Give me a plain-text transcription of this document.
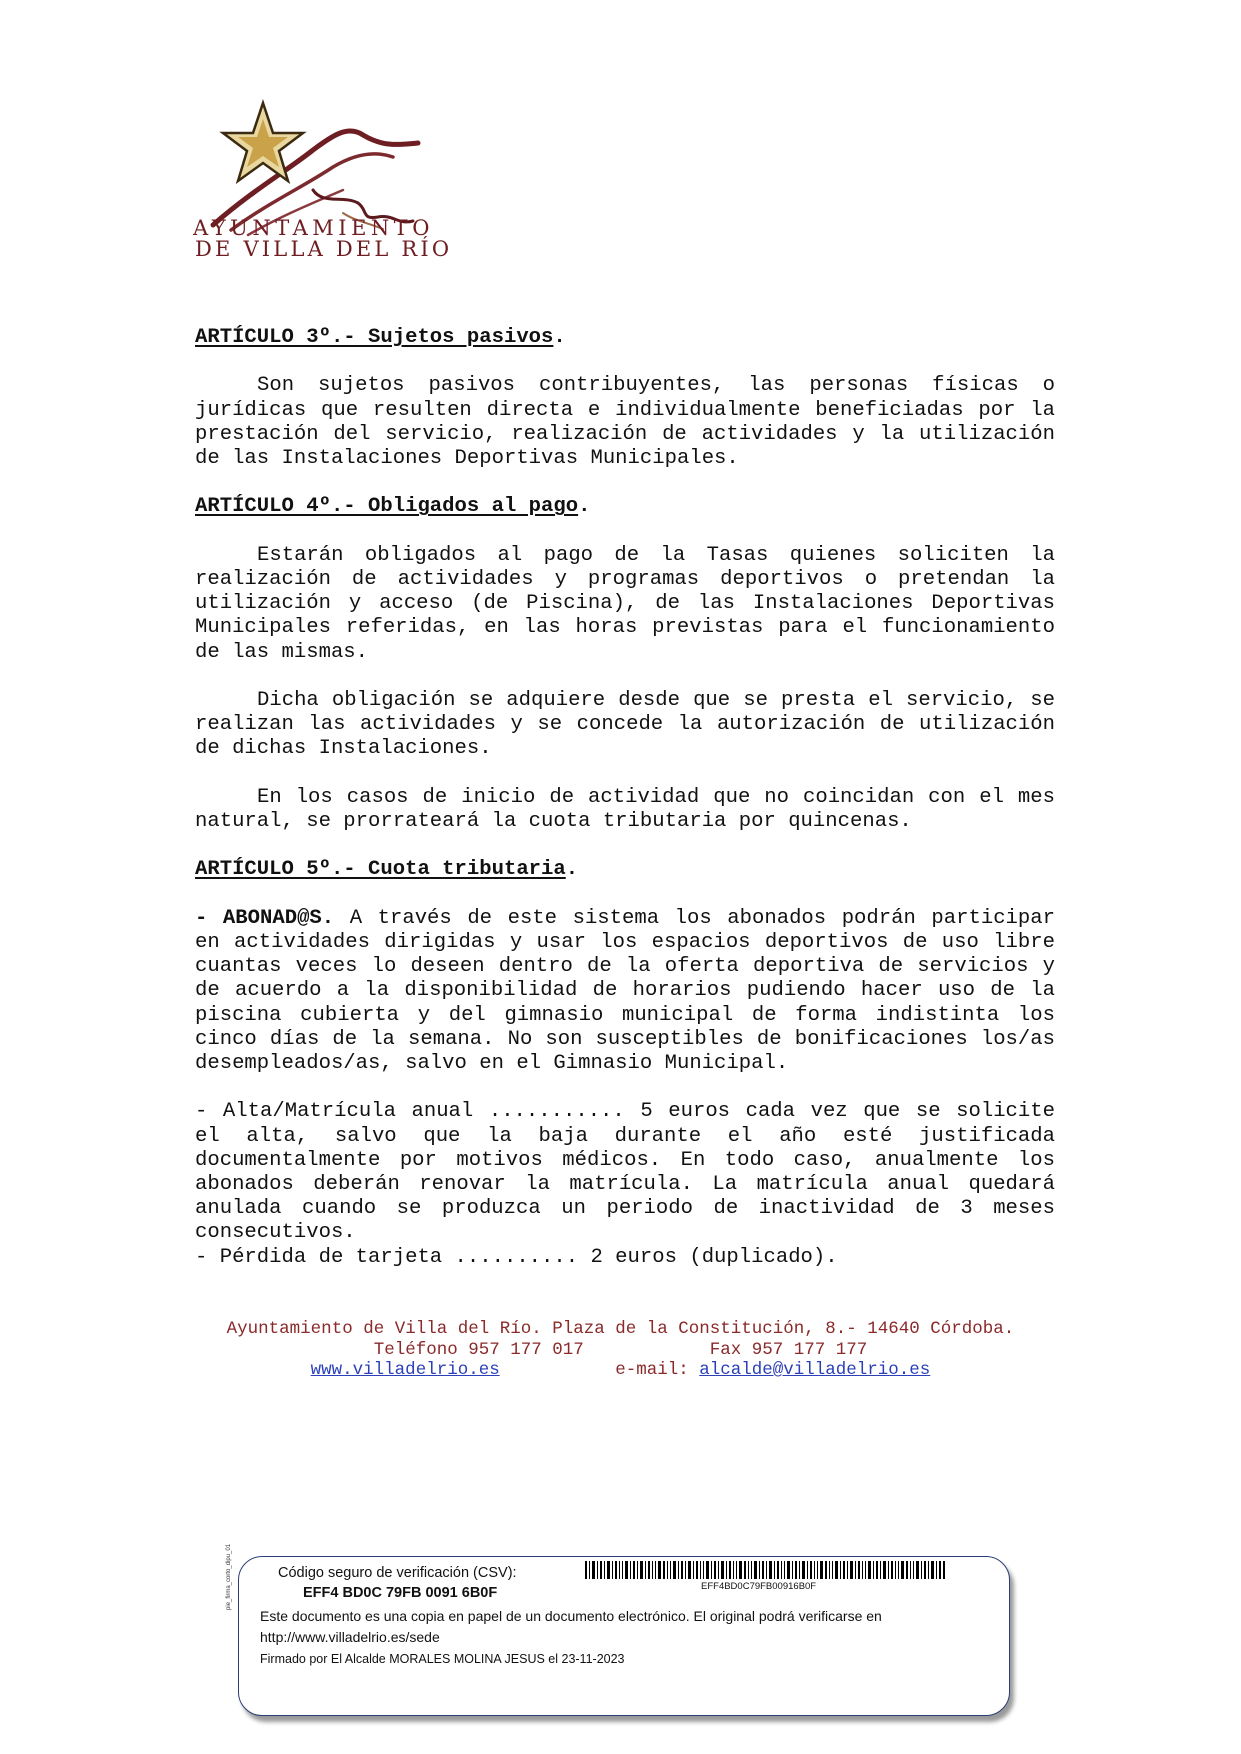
AYUNTAMIENTO
DE VILLA DEL RÍO
ARTÍCULO 3º.- Sujetos pasivos.

Son sujetos pasivos contribuyentes, las personas físicas o jurídicas que resulten directa e individualmente beneficiadas por la prestación del servicio, realización de actividades y la utilización de las Instalaciones Deportivas Municipales.

ARTÍCULO 4º.- Obligados al pago.

Estarán obligados al pago de la Tasas quienes soliciten la realización de actividades y programas deportivos o pretendan la utilización y acceso (de Piscina), de las Instalaciones Deportivas Municipales referidas, en las horas previstas para el funcionamiento de las mismas.

Dicha obligación se adquiere desde que se presta el servicio, se realizan las actividades y se concede la autorización de utilización de dichas Instalaciones.

En los casos de inicio de actividad que no coincidan con el mes natural, se prorrateará la cuota tributaria por quincenas.

ARTÍCULO 5º.- Cuota tributaria.

- ABONAD@S. A través de este sistema los abonados podrán participar en actividades dirigidas y usar los espacios deportivos de uso libre cuantas veces lo deseen dentro de la oferta deportiva de servicios y de acuerdo a la disponibilidad de horarios pudiendo hacer uso de la piscina cubierta y del gimnasio municipal de forma indistinta los cinco días de la semana. No son susceptibles de bonificaciones los/as desempleados/as, salvo en el Gimnasio Municipal.

- Alta/Matrícula anual ........... 5 euros cada vez que se solicite el alta, salvo que la baja durante el año esté justificada documentalmente por motivos médicos. En todo caso, anualmente los abonados deberán renovar la matrícula. La matrícula anual quedará anulada cuando se produzca un periodo de inactividad de 3 meses consecutivos.

- Pérdida de tarjeta .......... 2 euros (duplicado).

Ayuntamiento de Villa del Río. Plaza de la Constitución, 8.- 14640 Córdoba.
Teléfono 957 177 017	Fax 957 177 177
www.villadelrio.es	e-mail: alcalde@villadelrio.es
pie_firma_corto_dipu_01	Código seguro de verificación (CSV):
EFF4 BD0C 79FB 0091 6B0F	EFF4BD0C79FB00916B0F
Este documento es una copia en papel de un documento electrónico. El original podrá verificarse en
http://www.villadelrio.es/sede
Firmado por El Alcalde MORALES MOLINA JESUS el 23-11-2023
